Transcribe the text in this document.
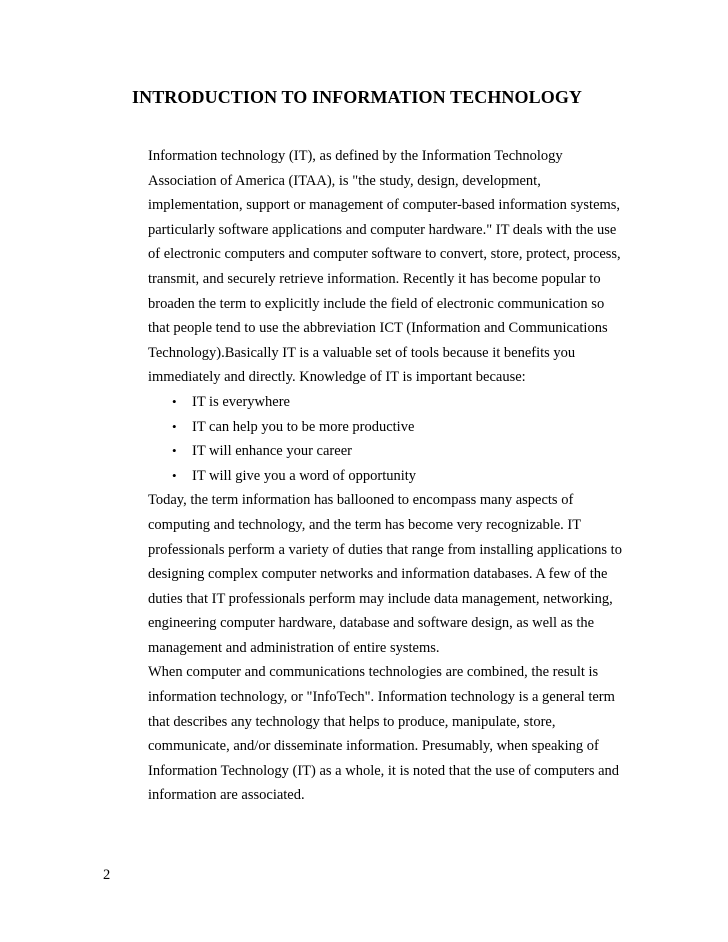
INTRODUCTION TO INFORMATION TECHNOLOGY

Information technology (IT), as defined by the Information Technology
Association of America (ITAA), is "the study, design, development,
implementation, support or management of computer-based information systems,
particularly software applications and computer hardware." IT deals with the use
of electronic computers and computer software to convert, store, protect, process,
transmit, and securely retrieve information. Recently it has become popular to
broaden the term to explicitly include the field of electronic communication so
that people tend to use the abbreviation ICT (Information and Communications
Technology).Basically IT is a valuable set of tools because it benefits you
immediately and directly. Knowledge of IT is important because:

• IT is everywhere
• IT can help you to be more productive
• IT will enhance your career
• IT will give you a word of opportunity

Today, the term information has ballooned to encompass many aspects of
computing and technology, and the term has become very recognizable. IT
professionals perform a variety of duties that range from installing applications to
designing complex computer networks and information databases. A few of the
duties that IT professionals perform may include data management, networking,
engineering computer hardware, database and software design, as well as the
management and administration of entire systems.

When computer and communications technologies are combined, the result is
information technology, or "InfoTech". Information technology is a general term
that describes any technology that helps to produce, manipulate, store,
communicate, and/or disseminate information. Presumably, when speaking of
Information Technology (IT) as a whole, it is noted that the use of computers and
information are associated.

2
